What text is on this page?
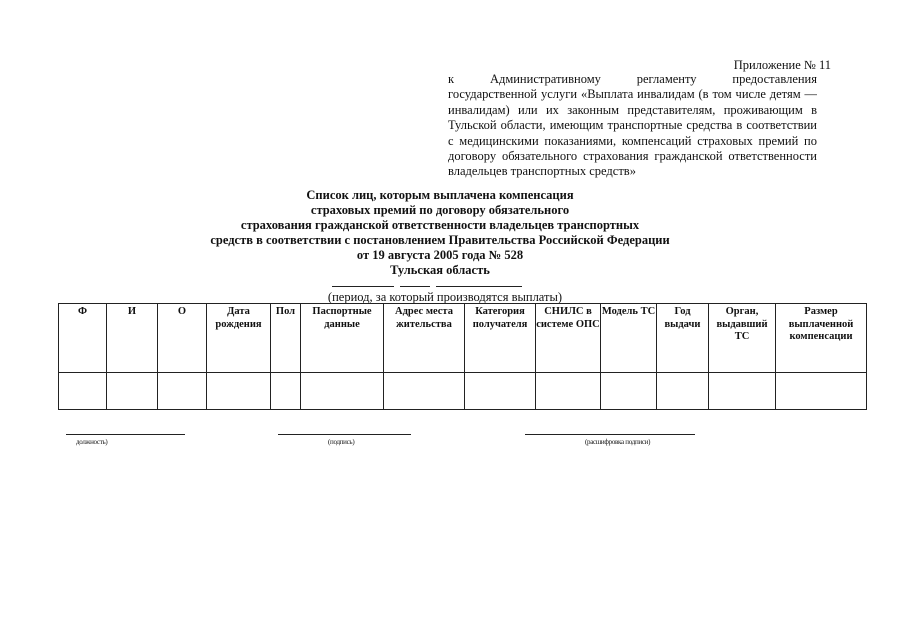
Приложение № 11
к Административному регламенту предоставления
государственной услуги «Выплата инвалидам (в том числе детям —
инвалидам) или их законным представителям, проживающим в
Тульской области, имеющим транспортные средства в соответствии
с медицинскими показаниями, компенсаций страховых премий по
договору обязательного страхования гражданской ответственности
владельцев транспортных средств»
Список лиц, которым выплачена компенсация
страховых премий по договору обязательного
страхования гражданской ответственности владельцев транспортных
средств в соответствии с постановлением Правительства Российской Федерации
от 19 августа 2005 года № 528
Тульская область
(период, за который производятся выплаты)
Ф	И	О	Дата рождения	Пол	Паспортные данные	Адрес места жительства	Категория получателя	СНИЛС в системе ОПС	Модель ТС	Год выдачи	Орган, выдавший ТС	Размер выплаченной компенсации

должность)	(подпись)	(расшифровка подписи)
